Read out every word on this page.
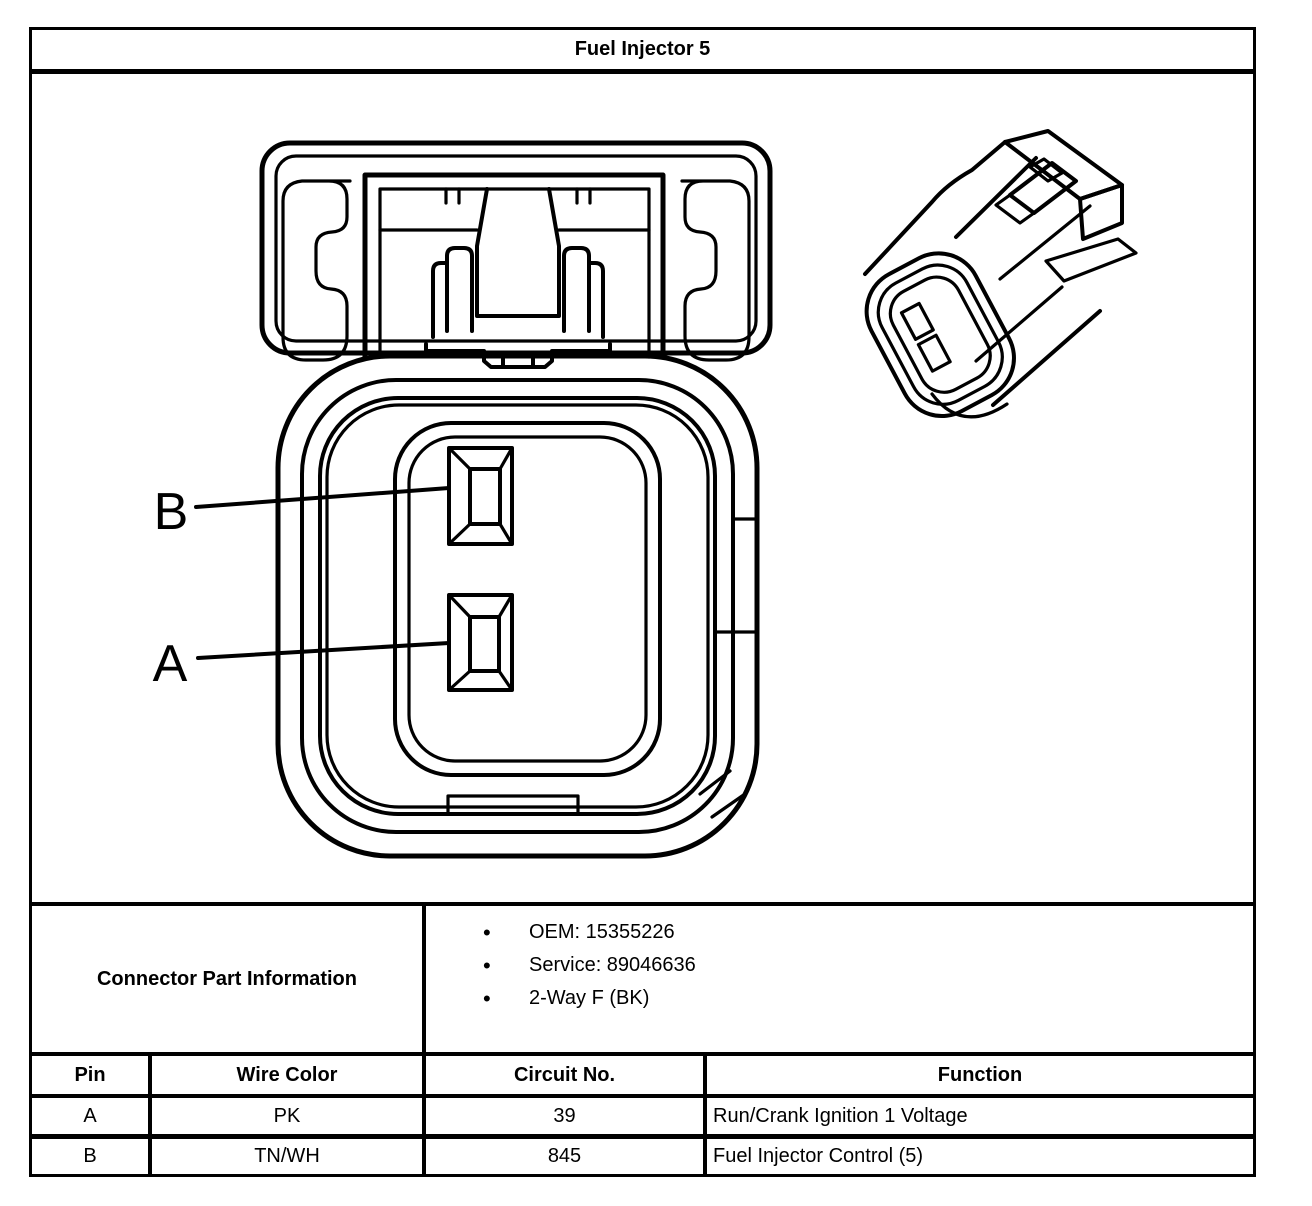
Fuel Injector 5
B
A
Connector Part Information
• OEM: 15355226
• Service: 89046636
• 2-Way F (BK)
Pin	Wire Color	Circuit No.	Function
A	PK	39	Run/Crank Ignition 1 Voltage
B	TN/WH	845	Fuel Injector Control (5)
